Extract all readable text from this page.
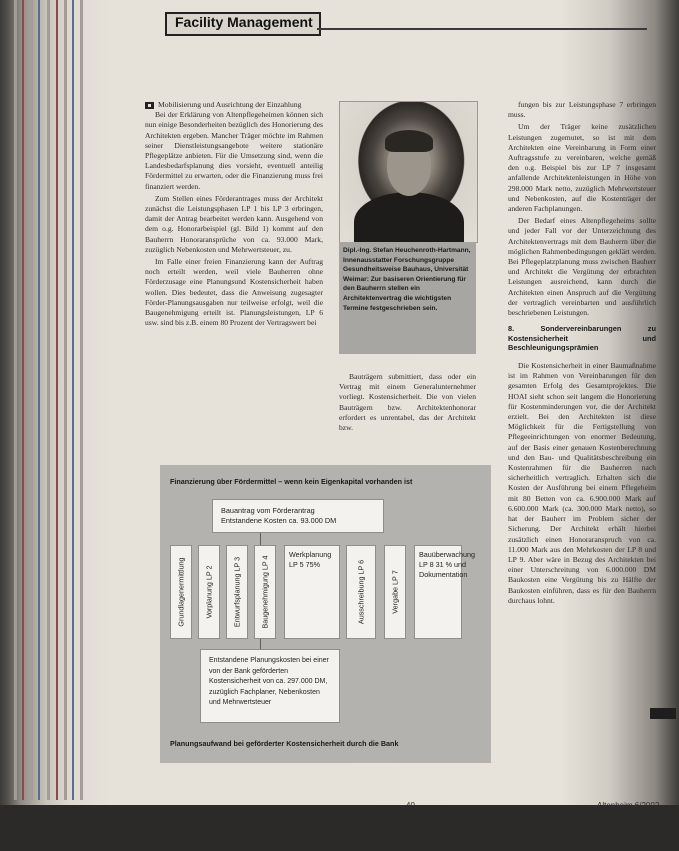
Facility Management
Mobilisierung und Ausrichtung der Einzahlung

Bei der Erklärung von Altenpflegeheimen können sich nun einige Besonderheiten bezüglich des Honorierung des Architekten ergeben. Mancher Träger möchte im Rahmen seiner Dienstleistungsangebote weitere stationäre Pflegeplätze anbieten. Für die Umsetzung sind, wenn die Landesbedarfsplanung dies vorsieht, eventuell anteilig Fördermittel zu erwarten, oder die Finanzierung muss frei finanziert werden.

Zum Stellen eines Förderantrages muss der Architekt zunächst die Leistungsphasen LP 1 bis LP 3 erbringen, damit der Antrag bearbeitet werden kann. Ausgehend von dem o.g. Honorarbeispiel (gl. Bild 1) kommt auf den Bauherrn Honoraransprüche von ca. 93.000 Mark, zuzüglich Nebenkosten und Mehrwertsteuer, zu.

Im Falle einer freien Finanzierung kann der Auftrag noch erteilt werden, weil viele Bauherren ohne Förderzusage eine Planungsund Kostensicherheit haben wollen. Dies bedeutet, dass die Anweisung zugesagter Förder-Planungsausgaben nur teilweise erfolgt, weil die Baugenehmigung erteilt ist. Planungsleistungen, LP 6 usw. sind bis z.B. einem 80 Prozent der Vertragswert bei

Dipl.-Ing. Stefan Heuchenroth-Hartmann, Innenausstatter Forschungsgruppe Gesundheitsweise Bauhaus, Universität Weimar: Zur basiseren Orientierung für den Bauherrn stellen ein Architektenvertrag die wichtigsten Termine festgeschrieben sein.

Bauträgern submittiert, dass oder ein Vertrag mit einem Generalunternehmer vorliegt. Kostensicherheit. Die von vielen Bauträgern bzw. Architektenhonorar erfordert es unrentabel, das der Architekt bzw.

fungen bis zur Leistungsphase 7 erbringen muss.

Um der Träger keine zusätzlichen Leistungen zugemutet, so ist mit dem Architekten eine Vereinbarung in Form einer Auftragsstufe zu vereinbaren, welche gemäß den o.g. Beispiel bis zur LP 7 insgesamt anfallende Architektenleistungen in Höhe von 298.000 Mark netto, zuzüglich Mehrwertsteuer und Nebenkosten, auf die Kostenträger der anderen Fachplanungen.

Der Bedarf eines Altenpflegeheims sollte und jeder Fall vor der Unterzeichnung des Architektenvertrags mit dem Bauherrn über die möglichen Rahmenbedingungen geklärt werden. Bei Pflegeplatzplanung muss zwischen Bauherr und Architekt die Vergütung der erbrachten Leistungen ausreichend, kann durch die Architekten einen Anspruch auf die Vergütung der vertraglich vereinbarten und ausführlich beschriebenen Leistungen.

8. Sondervereinbarungen zu Kostensicherheit und Beschleunigungsprämien

Die Kostensicherheit in einer Baumaßnahme ist im Rahmen von Vereinbarungen für den gesamten Erfolg des Gesamtprojektes. Die HOAI sieht schon seit langem die Honorierung für Kostenminderungen vor, die der Architekt erzielt. Bei den Architekten ist diese Möglichkeit für die Fertigstellung von Pflegeeinrichtungen von enormer Bedeutung, auf der Basis einer genauen Kostenberechnung und den Bau- und Qualitätsbeschreibung ein Kostenrahmen für die Bauherren nach sicherheitlich vertraglich. Erhalten sich die Kosten der Ausführung bei einem Pflegeheim mit 80 Betten von ca. 6.900.000 Mark auf 6.600.000 Mark (ca. 300.000 Mark netto), so hat der Bauherr im Problem sicher der Sicherung. Der Architekt erhält hierbei zusätzlich einen Honoraranspruch von ca. 11.000 Mark aus den Mehrkosten der LP 8 und LP 9. Aber wäre in Bezug des Architekten bei einer Unterschreitung von 6.000.000 DM Baukosten eine Vergütung bis zu Hälfte der Baukosten einführen, dass es für den Bauherrn durchaus lohnt.

Finanzierung über Fördermittel – wenn kein Eigenkapital vorhanden ist
Bauantrag vom Förderantrag
Entstandene Kosten ca. 93.000 DM
Grundlagenermittlung	Vorplanung LP 2	Entwurfsplanung LP 3	Baugenehmigung LP 4
Werkplanung LP 5 75%	Ausschreibung LP 6	Vergabe LP 7
Bauüberwachung LP 8 31 % und Dokumentation
Entstandene Planungskosten bei einer von der Bank geförderten Kostensicherheit von ca. 297.000 DM, zuzüglich Fachplaner, Nebenkosten und Mehrwertsteuer
Planungsaufwand bei geförderter Kostensicherheit durch die Bank
40	Altenheim 6/2002
